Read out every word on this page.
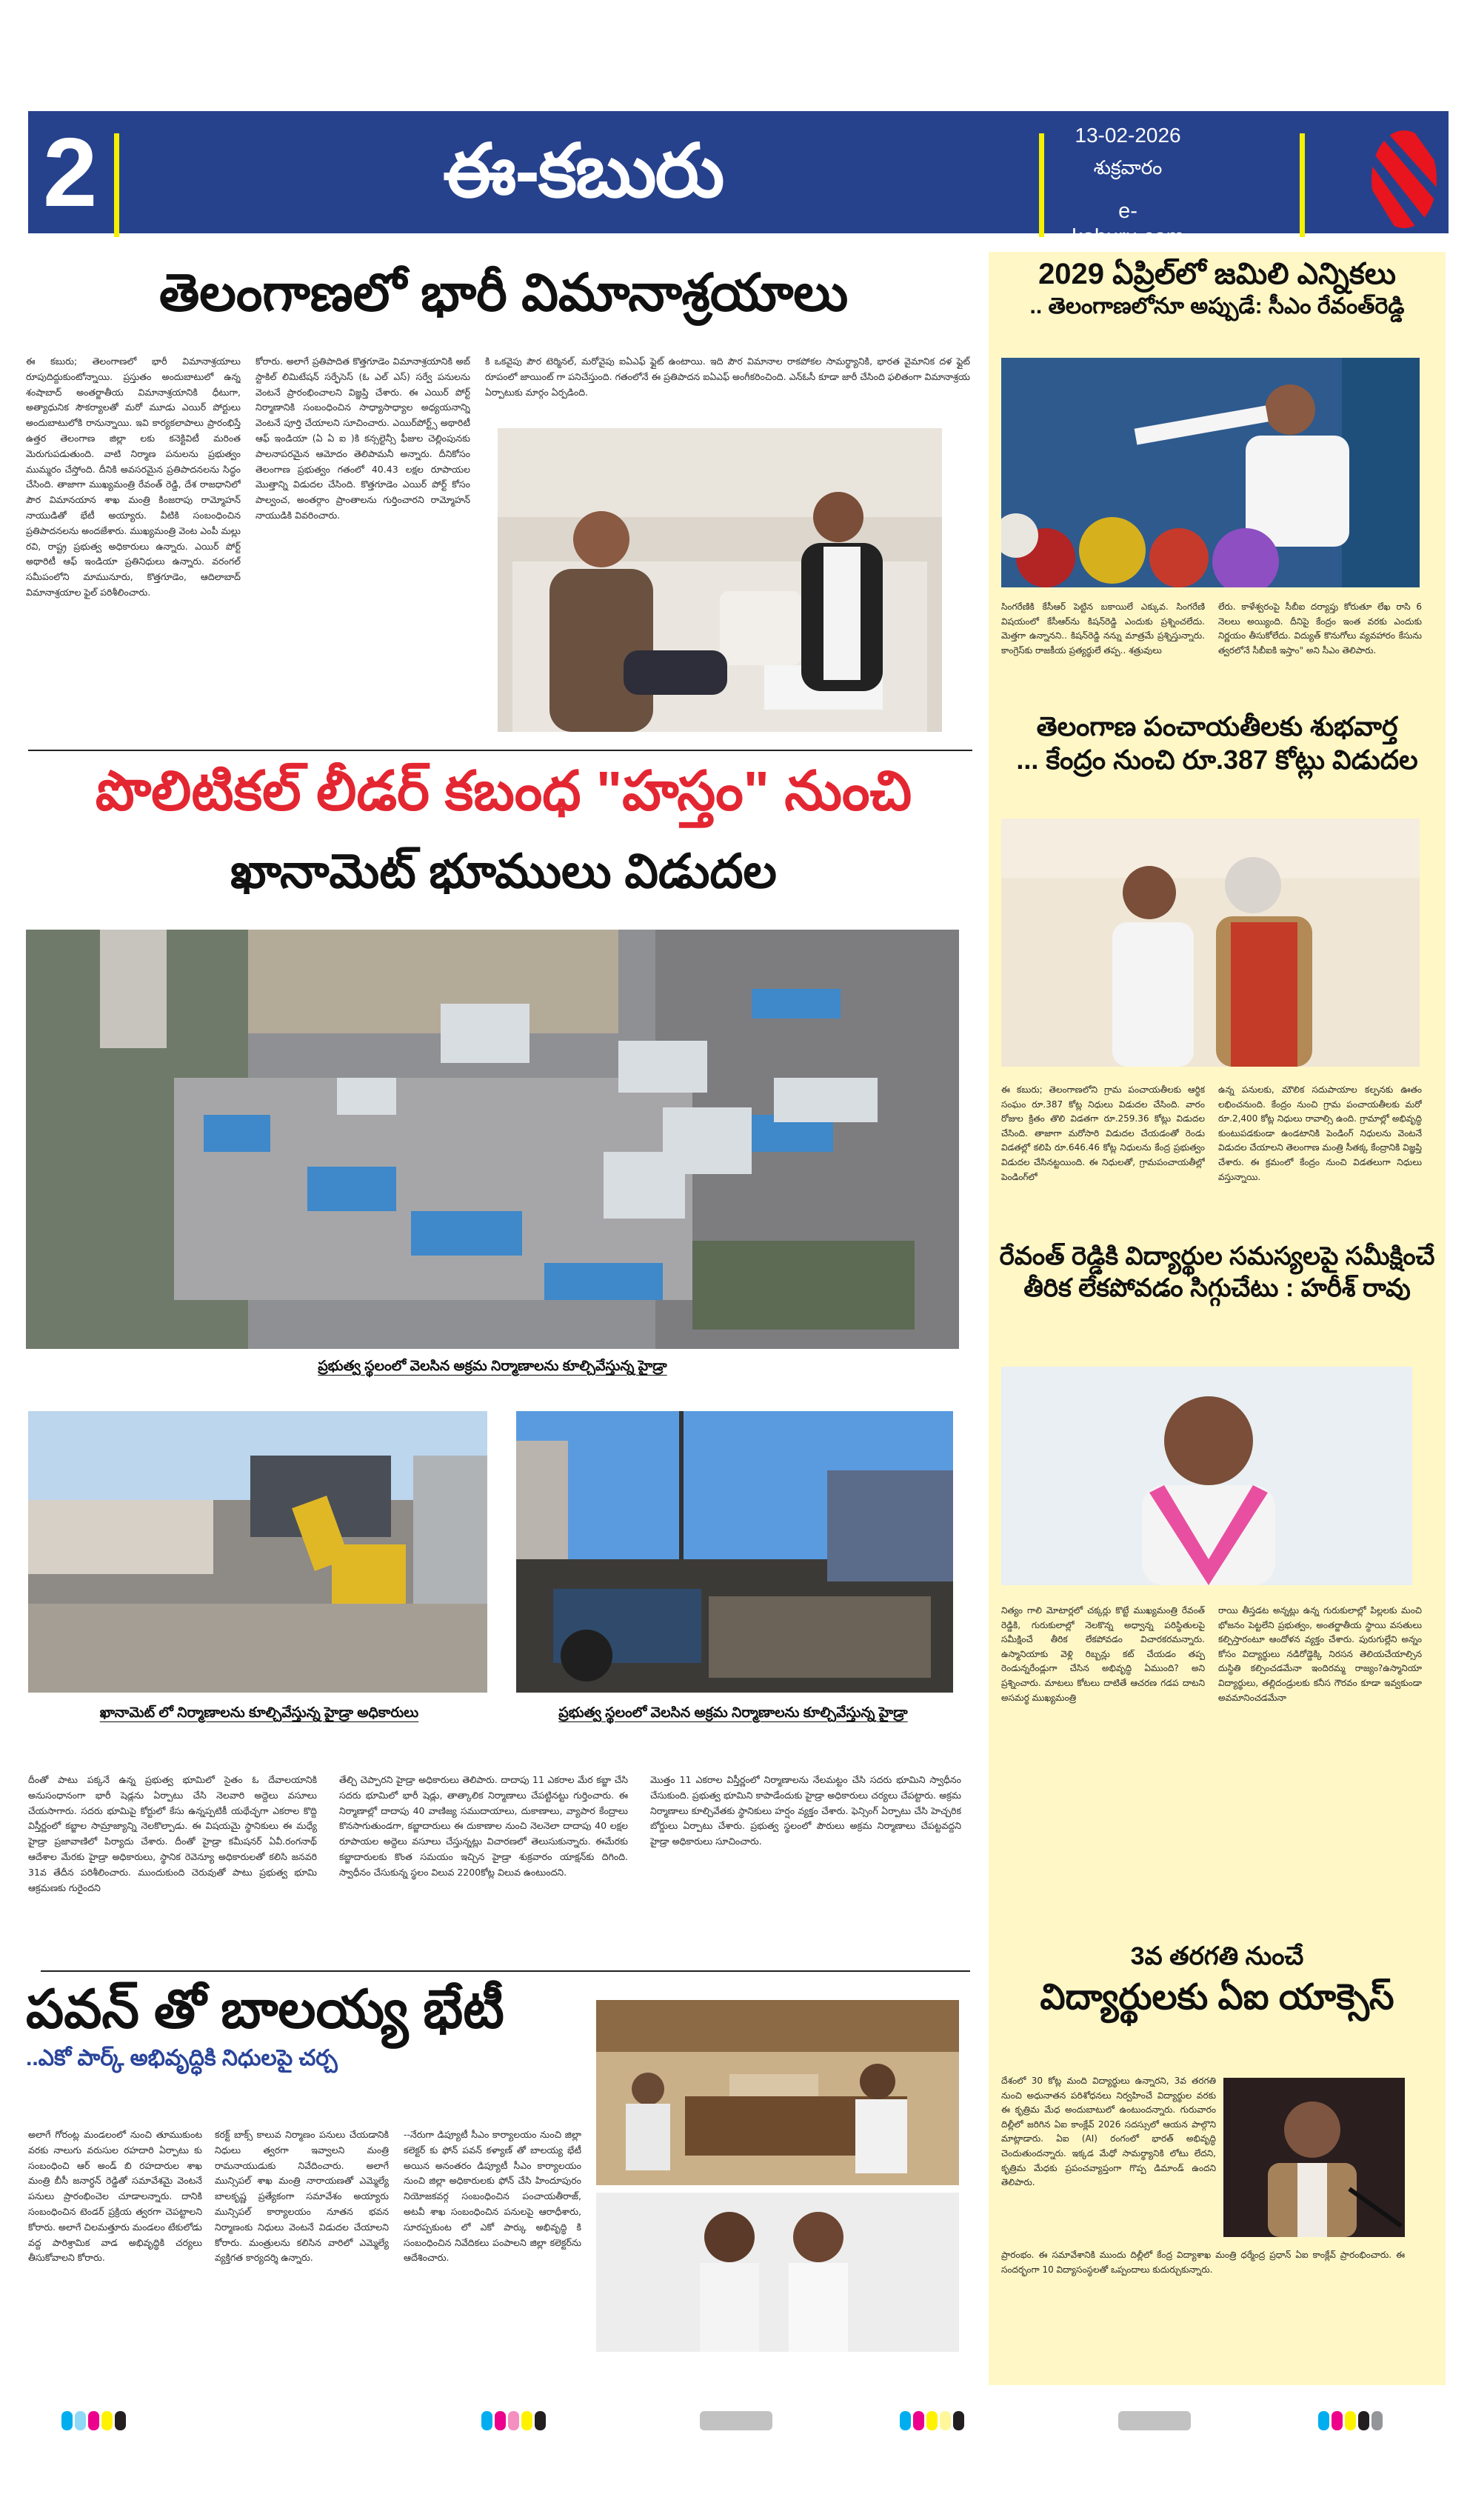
2	ఈ-కబురు	13-02-2026
శుక్రవారం
e-kaburu.com
తెలంగాణలో భారీ విమానాశ్రయాలు
ఈ కబురు; తెలంగాణలో భారీ విమానాశ్రయాలు రూపుదిద్దుకుంటోన్నాయి. ప్రస్తుతం అందుబాటులో ఉన్న శంషాబాద్ అంతర్జాతీయ విమానాశ్రయానికి ధీటుగా, అత్యాధునిక సౌకర్యాలతో మరో మూడు ఎయిర్ పోర్టులు అందుబాటులోకి రానున్నాయి. ఇవి కార్యకలాపాలు ప్రారంభిస్తే ఉత్తర తెలంగాణ జిల్లా లకు కనెక్టివిటీ మరింత మెరుగుపడుతుంది. వాటి నిర్మాణ పనులను ప్రభుత్వం ముమ్మరం చేస్తోంది. దీనికి అవసరమైన ప్రతిపాదనలను సిద్ధం చేసింది. తాజాగా ముఖ్యమంత్రి రేవంత్ రెడ్డి, దేశ రాజధానిలో పౌర విమానయాన శాఖ మంత్రి కింజరాపు రామ్మోహన్ నాయుడితో భేటీ అయ్యారు. వీటికి సంబంధించిన ప్రతిపాదనలను అందజేశారు. ముఖ్యమంత్రి వెంట ఎంపీ మల్లు రవి, రాష్ట్ర ప్రభుత్వ అధికారులు ఉన్నారు. ఎయిర్ పోర్ట్ అథారిటీ ఆఫ్ ఇండియా ప్రతినిధులు ఉన్నారు. వరంగల్ సమీపంలోని మామునూరు, కొత్తగూడెం, ఆదిలాబాద్ విమానాశ్రయాల ఫైల్ పరిశీలించారు.
కోరారు. అలాగే ప్రతిపాదిత కొత్తగూడెం విమానాశ్రయానికి అబ్ స్టాకిల్ లిమిటేషన్ సర్ఫేసెస్ (ఓ ఎల్ ఎస్) సర్వే పనులను వెంటనే ప్రారంభించాలని విజ్ఞప్తి చేశారు. ఈ ఎయిర్ పోర్ట్ నిర్మాణానికి సంబంధించిన సాధ్యాసాధ్యాల అధ్యయనాన్ని వెంటనే పూర్తి చేయాలని సూచించారు. ఎయిర్‌పోర్ట్స్ అథారిటీ ఆఫ్ ఇండియా (ఏ ఏ ఐ )కి కన్సల్టెన్సీ ఫీజుల చెల్లింపునకు పాలనాపరమైన ఆమోదం తెలిపామనీ అన్నారు. దీనికోసం తెలంగాణ ప్రభుత్వం గతంలో 40.43 లక్షల రూపాయల మొత్తాన్ని విడుదల చేసింది. కొత్తగూడెం ఎయిర్ పోర్ట్ కోసం పాల్వంచ, అంతర్గాం ప్రాంతాలను గుర్తించారని రామ్మోహన్ నాయుడికి వివరించారు.
కి ఒకవైపు పౌర టెర్మినల్, మరోవైపు ఐఏఎఫ్ ఫ్లైట్ ఉంటాయి. ఇది పౌర విమానాల రాకపోకల సామర్థ్యానికి, భారత వైమానిక దళ ఫ్లైట్ రూపంలో జాయింట్ గా పనిచేస్తుంది. గతంలోనే ఈ ప్రతిపాదన ఐఏఎఫ్ అంగీకరించింది. ఎన్ఓసీ కూడా జారీ చేసింది ఫలితంగా విమానాశ్రయ ఏర్పాటుకు మార్గం ఏర్పడింది.
పొలిటికల్ లీడర్ కబంధ "హస్తం" నుంచి
ఖానామెట్ భూములు విడుదల
ప్రభుత్వ స్థలంలో వెలసిన అక్రమ నిర్మాణాలను కూల్చివేస్తున్న హైడ్రా
ఖానామెట్ లో నిర్మాణాలను కూల్చివేస్తున్న హైడ్రా అధికారులు	ప్రభుత్వ స్థలంలో వెలసిన అక్రమ నిర్మాణాలను కూల్చివేస్తున్న హైడ్రా
దీంతో పాటు పక్కనే ఉన్న ప్రభుత్వ భూమిలో సైతం ఓ దేవాలయానికి అనుసంధానంగా భారీ షెడ్లను ఏర్పాటు చేసి నెలవారి అద్దెలు వసూలు చేయసాగారు. సదరు భూమిపై కోర్టులో కేసు ఉన్నప్పటికీ యథేచ్ఛగా ఎకరాల కొద్ది విస్తీర్ణంలో కబ్జాల సామ్రాజ్యాన్ని నెలకొల్పాడు. ఈ విషయమై స్థానికులు ఈ మధ్యే హైడ్రా ప్రజావాణిలో పిర్యాదు చేశారు. దీంతో హైడ్రా కమీషనర్ ఏవీ.రంగనాథ్ ఆదేశాల మేరకు హైడ్రా అధికారులు, స్థానిక రెవెన్యూ అధికారులతో కలిసి జనవరి 31వ తేదీన పరిశీలించారు. ముందుకుంది చెరువుతో పాటు ప్రభుత్వ భూమి ఆక్రమణకు గురైందని
తేల్చి చెప్పారని హైడ్రా అధికారులు తెలిపారు. దాదాపు 11 ఎకరాల మేర కబ్జా చేసి సదరు భూమిలో భారీ షెడ్లు, తాత్కాలిక నిర్మాణాలు చేపట్టినట్టు గుర్తించారు. ఈ నిర్మాణాల్లో దాదాపు 40 వాణిజ్య సముదాయాలు, దుకాణాలు, వ్యాపార కేంద్రాలు కొనసాగుతుండగా, కబ్జాదారులు ఈ దుకాణాల నుంచి నెలనెలా దాదాపు 40 లక్షల రూపాయల అద్దెలు వసూలు చేస్తున్నట్లు విచారణలో తెలుసుకున్నారు. ఈమేరకు కబ్జాదారులకు కొంత సమయం ఇచ్చిన హైడ్రా శుక్రవారం యాక్షన్‌కు దిగింది. స్వాధీనం చేసుకున్న స్థలం విలువ 2200కోట్ల విలువ ఉంటుందని.
మొత్తం 11 ఎకరాల విస్తీర్ణంలో నిర్మాణాలను నేలమట్టం చేసి సదరు భూమిని స్వాధీనం చేసుకుంది. ప్రభుత్వ భూమిని కాపాడేందుకు హైడ్రా అధికారులు చర్యలు చేపట్టారు. అక్రమ నిర్మాణాలు కూల్చివేతకు స్థానికులు హర్షం వ్యక్తం చేశారు. ఫెన్సింగ్ ఏర్పాటు చేసి హెచ్చరిక బోర్డులు ఏర్పాటు చేశారు. ప్రభుత్వ స్థలంలో పౌరులు అక్రమ నిర్మాణాలు చేపట్టవద్దని హైడ్రా అధికారులు సూచించారు.
పవన్ తో బాలయ్య భేటీ
..ఎకో పార్క్ అభివృద్ధికి నిధులపై చర్చ
అలాగే గోరంట్ల మండలంలో నుంచి తూముకుంట వరకు నాలుగు వరుసుల రహదారి ఏర్పాటు కు సంబంధించి ఆర్ అండ్ బి రహదారుల శాఖ మంత్రి బీసీ జనార్ధన్ రెడ్డితో సమావేశమై వెంటనే పనులు ప్రారంభించెల చూడాలన్నారు. దానికి సంబంధించిన టెండర్ ప్రక్రియ త్వరగా చెపట్టాలని కోరారు. అలాగే చిలమత్తూరు మండలం టేకులోడు వద్ద పారిశ్రామిక వాడ అభివృద్ధికి చర్యలు తీసుకోవాలని కోరారు.
కరక్ట్ బాక్స్ కాలువ నిర్మాణం పనులు చేయడానికి నిధులు త్వరగా ఇవ్వాలని మంత్రి రామనాయుడుకు నివేదించారు. అలాగే మున్సిపల్ శాఖ మంత్రి నారాయణతో ఎమ్మెల్యే బాలకృష్ణ ప్రత్యేకంగా సమావేశం అయ్యారు మున్సిపల్ కార్యాలయం నూతన భవన నిర్మాణంకు నిధులు వెంటనే విడుదల చేయాలని కోరారు. మంత్రులను కలిసిన వారిలో ఎమ్మెల్యే వ్యక్తిగత కార్యదర్శి ఉన్నారు.
--నేరుగా డిప్యూటీ సీఎం కార్యాలయం నుంచి జిల్లా కలెక్టర్ కు ఫోన్ పవన్ కళ్యాణ్ తో బాలయ్య భేటీ అయిన అనంతరం డిప్యూటీ సీఎం కార్యాలయం నుంచి జిల్లా అధికారులకు ఫోన్ చేసి హిందూపురం నియోజకవర్గ సంబంధించిన పంచాయతీరాజ్, అటవీ శాఖ సంబంధించిన పనులపై ఆరాధీశారు, సూరప్పకుంట లో ఎకో పార్కు అభివృద్ధి కి సంబంధించిన నివేదికలు పంపాలని జిల్లా కలెక్టర్‌ను ఆదేశించారు.
2029 ఏప్రిల్‌లో జమిలి ఎన్నికలు
.. తెలంగాణలోనూ అప్పుడే: సీఎం రేవంత్‌రెడ్డి
సింగరేణికి కేసీఆర్ పెట్టిన బకాయిలే ఎక్కువ. సింగరేణి విషయంలో కేసీఆర్‌ను కిషన్‌రెడ్డి ఎందుకు ప్రశ్నించలేదు. మెత్తగా ఉన్నానని.. కిషన్‌రెడ్డి నన్ను మాత్రమే ప్రశ్నిస్తున్నారు. కాంగ్రెస్‌కు రాజకీయ ప్రత్యర్థులే తప్ప.. శత్రువులు
లేరు. కాళేశ్వరంపై సీబీఐ దర్యాప్తు కోరుతూ లేఖ రాసి 6 నెలలు అయ్యింది. దీనిపై కేంద్రం ఇంత వరకు ఎందుకు నిర్ణయం తీసుకోలేదు. విద్యుత్ కొనుగోలు వ్యవహారం కేసును త్వరలోనే సీబీఐకి ఇస్తాం" అని సీఎం తెలిపారు.
తెలంగాణ పంచాయతీలకు శుభవార్త
... కేంద్రం నుంచి రూ.387 కోట్లు విడుదల
ఈ కబురు; తెలంగాణలోని గ్రామ పంచాయతీలకు ఆర్థిక సంఘం రూ.387 కోట్ల నిధులు విడుదల చేసింది. వారం రోజుల క్రితం తొలి విడతగా రూ.259.36 కోట్లు విడుదల చేసింది. తాజాగా మరోసారి విడుదల చేయడంతో రెండు విడతల్లో కలిపి రూ.646.46 కోట్ల నిధులను కేంద్ర ప్రభుత్వం విడుదల చేసినట్టయింది. ఈ నిధులతో, గ్రామపంచాయతీల్లో పెండింగ్‌లో
ఉన్న పనులకు, మౌలిక సదుపాయాల కల్పనకు ఊతం లభించనుంది. కేంద్రం నుంచి గ్రామ పంచాయతీలకు మరో రూ.2,400 కోట్ల నిధులు రావాల్సి ఉంది. గ్రామాల్లో అభివృద్ధి కుంటుపడకుండా ఉండటానికి పెండింగ్ నిధులను వెంటనే విడుదల చేయాలని తెలంగాణ మంత్రి సీతక్క కేంద్రానికి విజ్ఞప్తి చేశారు. ఈ క్రమంలో కేంద్రం నుంచి విడతలుగా నిధులు వస్తున్నాయి.
రేవంత్ రెడ్డికి విద్యార్థుల సమస్యలపై సమీక్షించే
తీరిక లేకపోవడం సిగ్గుచేటు : హరీశ్ రావు
నిత్యం గాలి మోటార్లలో చక్కర్లు కొట్టే ముఖ్యమంత్రి రేవంత్ రెడ్డికి, గురుకులాల్లో నెలకొన్న అధ్వాన్న పరిస్థితులపై సమీక్షించే తీరిక లేకపోవడం విచారకరమన్నారు. ఉస్మానియాకు వెళ్లి రిబ్బన్లు కట్ చేయడం తప్ప రెండున్నరేండ్లుగా చేసిన అభివృద్ధి ఏముంది? అని ప్రశ్నించారు. మాటలు కోటలు దాటితే ఆచరణ గడప దాటని అసమర్థ ముఖ్యమంత్రి
రాయి తీస్తడట అన్నట్లు ఉన్న గురుకులాల్లో పిల్లలకు మంచి భోజనం పెట్టలేని ప్రభుత్వం, అంతర్జాతీయ స్థాయి వసతులు కల్పిస్తారంటూ ఆందోళన వ్యక్తం చేశారు. పురుగుల్లేని అన్నం కోసం విద్యార్థులు నడిరోడ్డెక్కి నిరసన తెలియచేయాల్సిన దుస్థితి కల్పించడమేనా ఇందిరమ్మ రాజ్యం?ఉస్మానియా విద్యార్థులు, తల్లిదండ్రులకు కనీస గౌరవం కూడా ఇవ్వకుండా అవమానించడమేనా
3వ తరగతి నుంచే
విద్యార్థులకు ఏఐ యాక్సెస్
దేశంలో 30 కోట్ల మంది విద్యార్థులు ఉన్నారని, 3వ తరగతి నుంచి అధునాతన పరిశోధనలు నిర్వహించే విద్యార్థుల వరకు ఈ కృత్రిమ మేధ అందుబాటులో ఉంటుందన్నారు. గురువారం దిల్లీలో జరిగిన ఏఐ కాంక్లేవ్ 2026 సదస్సులో ఆయన పాల్గొని మాట్లాడారు. ఏఐ (AI) రంగంలో భారత్ అభివృద్ధి చెందుతుందన్నారు. ఇక్కడ మేధో సామర్థ్యానికి లోటు లేదని, కృత్రిమ మేధకు ప్రపంచవ్యాప్తంగా గొప్ప డిమాండ్ ఉందని తెలిపారు.
ప్రారంభం. ఈ సమావేశానికి ముందు దిల్లీలో కేంద్ర విద్యాశాఖ మంత్రి ధర్మేంద్ర ప్రధాన్ ఏఐ కాంక్లేవ్ ప్రారంభించారు. ఈ సందర్భంగా 10 విద్యాసంస్థలతో ఒప్పందాలు కుదుర్చుకున్నారు.
